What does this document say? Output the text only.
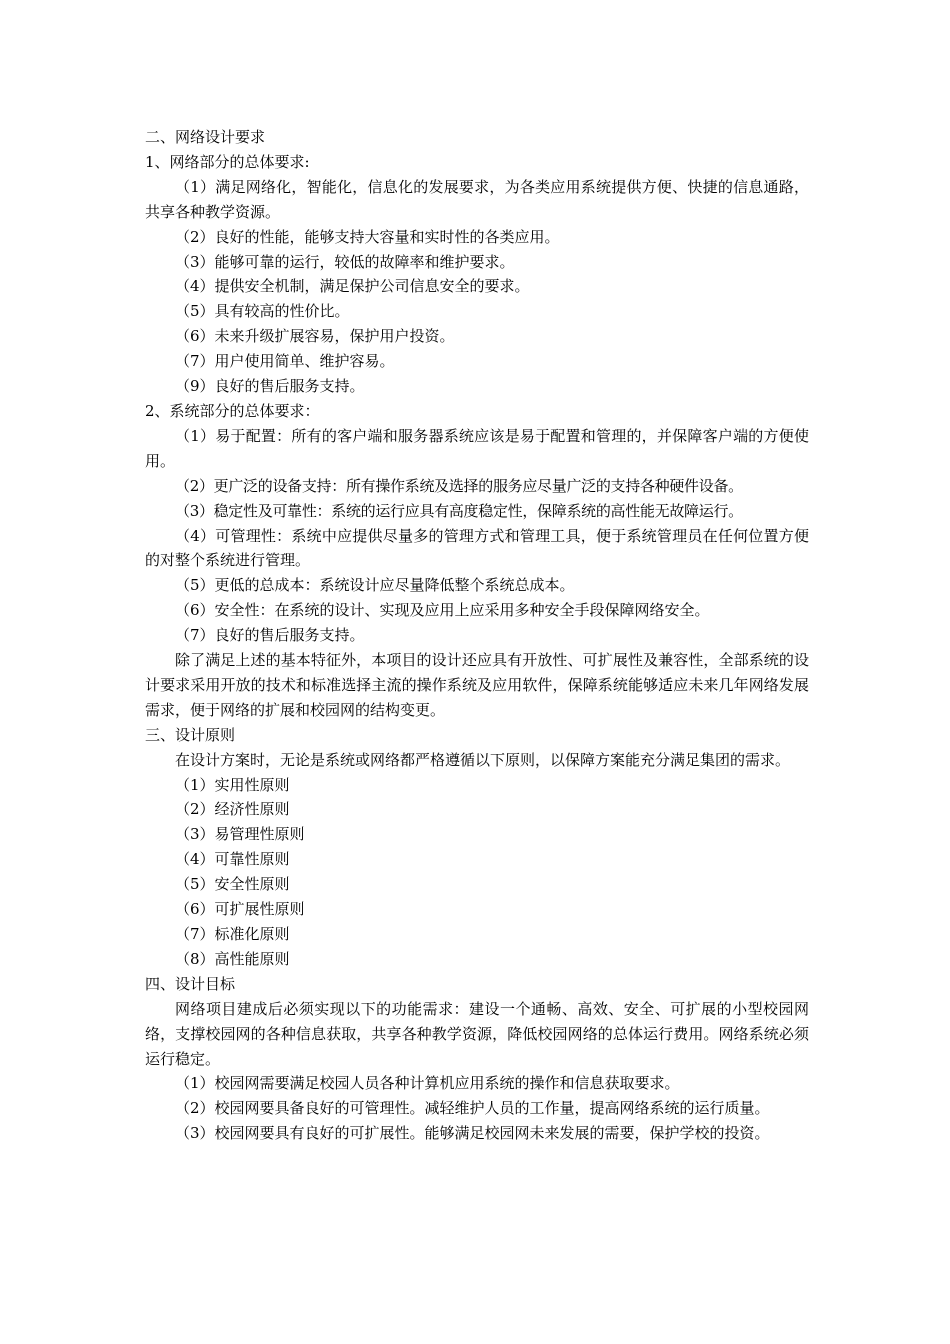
二、网络设计要求

1、网络部分的总体要求:

（1）满足网络化，智能化，信息化的发展要求，为各类应用系统提供方便、快捷的信息通路，共享各种教学资源。

（2）良好的性能，能够支持大容量和实时性的各类应用。

（3）能够可靠的运行，较低的故障率和维护要求。

（4）提供安全机制，满足保护公司信息安全的要求。

（5）具有较高的性价比。

（6）未来升级扩展容易，保护用户投资。

（7）用户使用简单、维护容易。

（9）良好的售后服务支持。

2、系统部分的总体要求：

（1）易于配置：所有的客户端和服务器系统应该是易于配置和管理的，并保障客户端的方便使用。

（2）更广泛的设备支持：所有操作系统及选择的服务应尽量广泛的支持各种硬件设备。

（3）稳定性及可靠性：系统的运行应具有高度稳定性，保障系统的高性能无故障运行。

（4）可管理性：系统中应提供尽量多的管理方式和管理工具，便于系统管理员在任何位置方便的对整个系统进行管理。

（5）更低的总成本：系统设计应尽量降低整个系统总成本。

（6）安全性：在系统的设计、实现及应用上应采用多种安全手段保障网络安全。

（7）良好的售后服务支持。

除了满足上述的基本特征外，本项目的设计还应具有开放性、可扩展性及兼容性，全部系统的设计要求采用开放的技术和标准选择主流的操作系统及应用软件，保障系统能够适应未来几年网络发展需求，便于网络的扩展和校园网的结构变更。

三、设计原则

在设计方案时，无论是系统或网络都严格遵循以下原则，以保障方案能充分满足集团的需求。

（1）实用性原则

（2）经济性原则

（3）易管理性原则

（4）可靠性原则

（5）安全性原则

（6）可扩展性原则

（7）标准化原则

（8）高性能原则

四、设计目标

网络项目建成后必须实现以下的功能需求：建设一个通畅、高效、安全、可扩展的小型校园网络，支撑校园网的各种信息获取，共享各种教学资源，降低校园网络的总体运行费用。网络系统必须运行稳定。

（1）校园网需要满足校园人员各种计算机应用系统的操作和信息获取要求。

（2）校园网要具备良好的可管理性。减轻维护人员的工作量，提高网络系统的运行质量。

（3）校园网要具有良好的可扩展性。能够满足校园网未来发展的需要，保护学校的投资。
